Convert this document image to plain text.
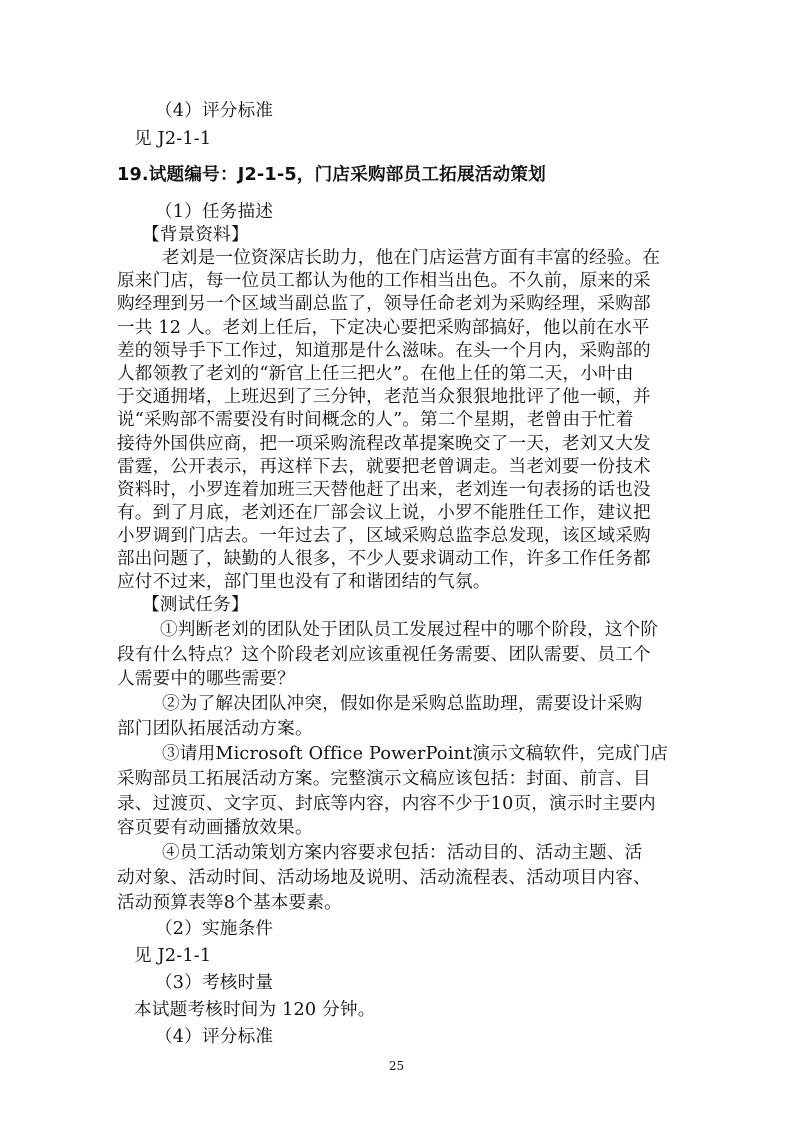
（4）评分标准
见 J2-1-1
19.试题编号：J2-1-5，门店采购部员工拓展活动策划
（1）任务描述
【背景资料】
老刘是一位资深店长助力，他在门店运营方面有丰富的经验。在
原来门店，每一位员工都认为他的工作相当出色。不久前，原来的采
购经理到另一个区域当副总监了，领导任命老刘为采购经理，采购部
一共 12 人。老刘上任后，下定决心要把采购部搞好，他以前在水平
差的领导手下工作过，知道那是什么滋味。在头一个月内，采购部的
人都领教了老刘的“新官上任三把火”。在他上任的第二天，小叶由
于交通拥堵，上班迟到了三分钟，老范当众狠狠地批评了他一顿，并
说“采购部不需要没有时间概念的人”。第二个星期，老曾由于忙着
接待外国供应商，把一项采购流程改革提案晚交了一天，老刘又大发
雷霆，公开表示，再这样下去，就要把老曾调走。当老刘要一份技术
资料时，小罗连着加班三天替他赶了出来，老刘连一句表扬的话也没
有。到了月底，老刘还在厂部会议上说，小罗不能胜任工作，建议把
小罗调到门店去。一年过去了，区域采购总监李总发现，该区域采购
部出问题了，缺勤的人很多，不少人要求调动工作，许多工作任务都
应付不过来，部门里也没有了和谐团结的气氛。
【测试任务】
①判断老刘的团队处于团队员工发展过程中的哪个阶段，这个阶
段有什么特点？这个阶段老刘应该重视任务需要、团队需要、员工个
人需要中的哪些需要？
②为了解决团队冲突，假如你是采购总监助理，需要设计采购
部门团队拓展活动方案。
③请用Microsoft Office PowerPoint演示文稿软件，完成门店
采购部员工拓展活动方案。完整演示文稿应该包括：封面、前言、目
录、过渡页、文字页、封底等内容，内容不少于10页，演示时主要内
容页要有动画播放效果。
④员工活动策划方案内容要求包括：活动目的、活动主题、活
动对象、活动时间、活动场地及说明、活动流程表、活动项目内容、
活动预算表等8个基本要素。
（2）实施条件
见 J2-1-1
（3）考核时量
本试题考核时间为 120 分钟。
（4）评分标准
25
